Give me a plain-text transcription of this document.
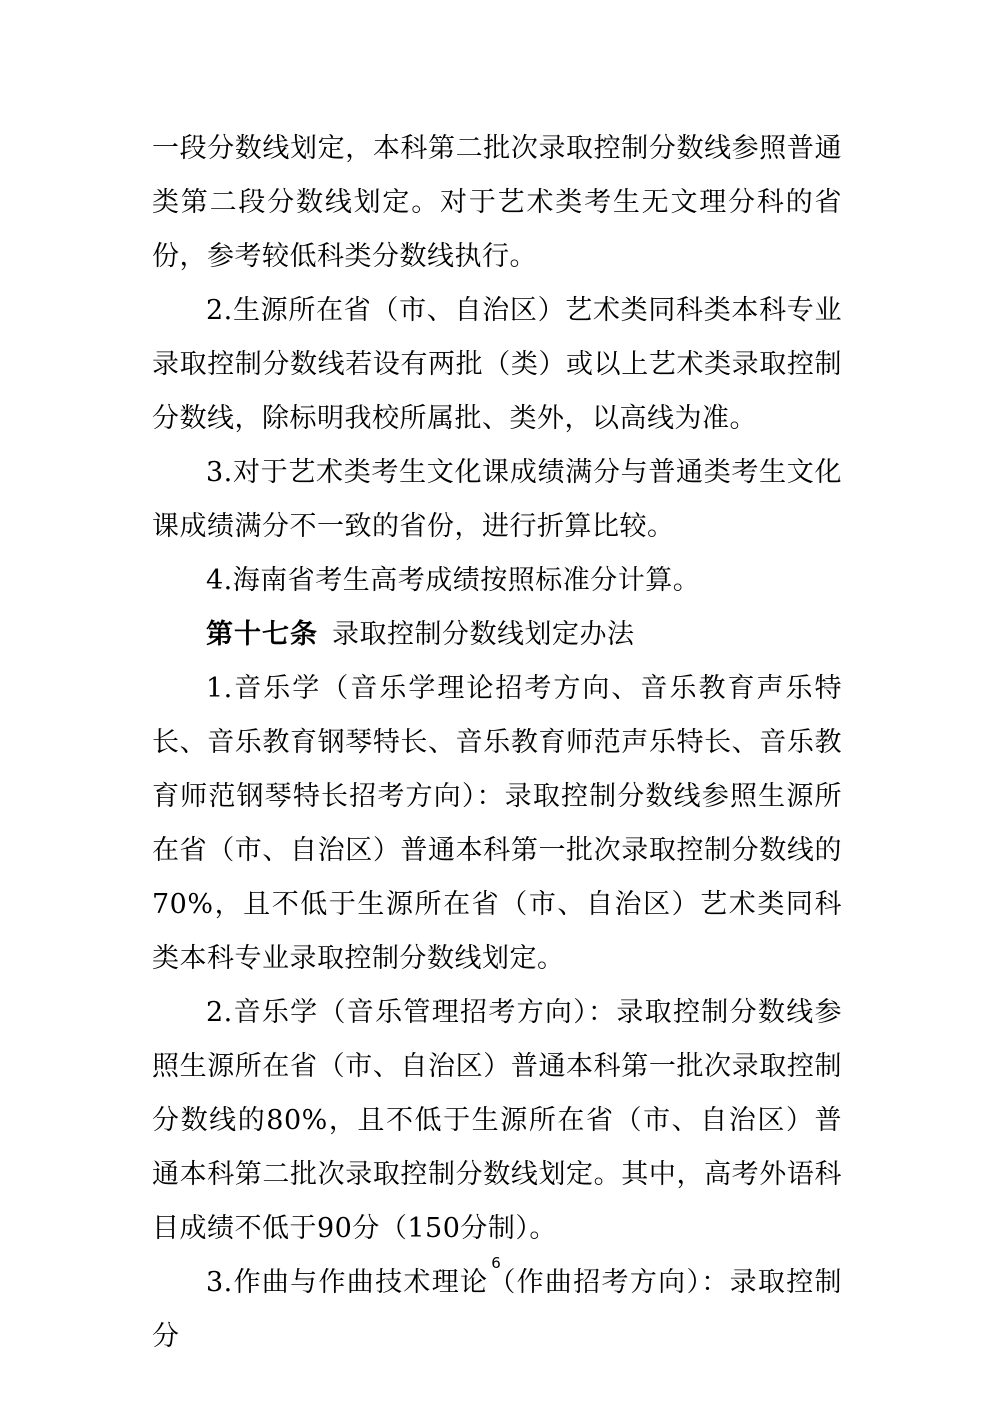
一段分数线划定，本科第二批次录取控制分数线参照普通类第二段分数线划定。对于艺术类考生无文理分科的省份，参考较低科类分数线执行。

2.生源所在省（市、自治区）艺术类同科类本科专业录取控制分数线若设有两批（类）或以上艺术类录取控制分数线，除标明我校所属批、类外，以高线为准。

3.对于艺术类考生文化课成绩满分与普通类考生文化课成绩满分不一致的省份，进行折算比较。

4.海南省考生高考成绩按照标准分计算。

第十七条 录取控制分数线划定办法

1.音乐学（音乐学理论招考方向、音乐教育声乐特长、音乐教育钢琴特长、音乐教育师范声乐特长、音乐教育师范钢琴特长招考方向）：录取控制分数线参照生源所在省（市、自治区）普通本科第一批次录取控制分数线的70%，且不低于生源所在省（市、自治区）艺术类同科类本科专业录取控制分数线划定。

2.音乐学（音乐管理招考方向）：录取控制分数线参照生源所在省（市、自治区）普通本科第一批次录取控制分数线的80%，且不低于生源所在省（市、自治区）普通本科第二批次录取控制分数线划定。其中，高考外语科目成绩不低于90分（150分制）。

3.作曲与作曲技术理论（作曲招考方向）：录取控制分

6
